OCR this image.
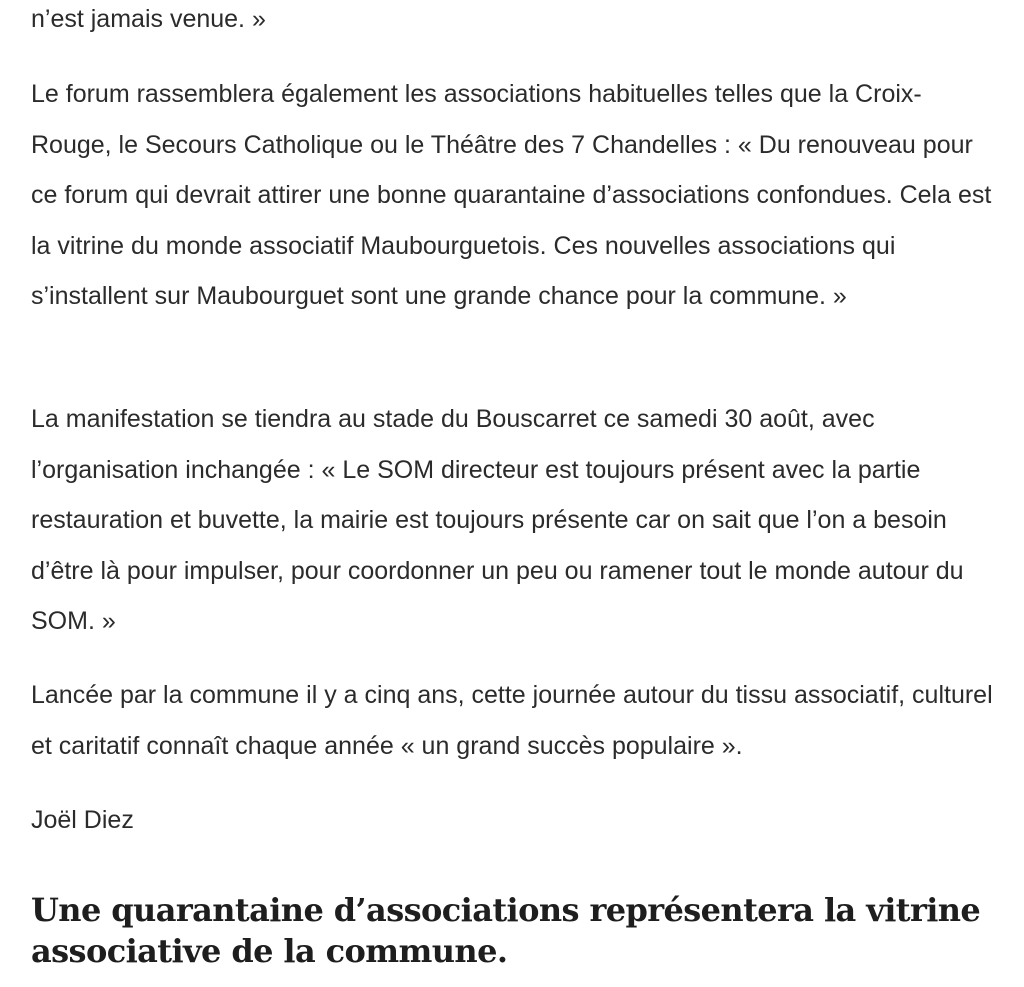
n’est jamais venue. »

Le forum rassemblera également les associations habituelles telles que la Croix-Rouge, le Secours Catholique ou le Théâtre des 7 Chandelles : « Du renouveau pour ce forum qui devrait attirer une bonne quarantaine d’associations confondues. Cela est la vitrine du monde associatif Maubourguetois. Ces nouvelles associations qui s’installent sur Maubourguet sont une grande chance pour la commune. »

La manifestation se tiendra au stade du Bouscarret ce samedi 30 août, avec l’organisation inchangée : « Le SOM directeur est toujours présent avec la partie restauration et buvette, la mairie est toujours présente car on sait que l’on a besoin d’être là pour impulser, pour coordonner un peu ou ramener tout le monde autour du SOM. »

Lancée par la commune il y a cinq ans, cette journée autour du tissu associatif, culturel et caritatif connaît chaque année « un grand succès populaire ».

Joël Diez

Une quarantaine d’associations représentera la vitrine associative de la commune.
